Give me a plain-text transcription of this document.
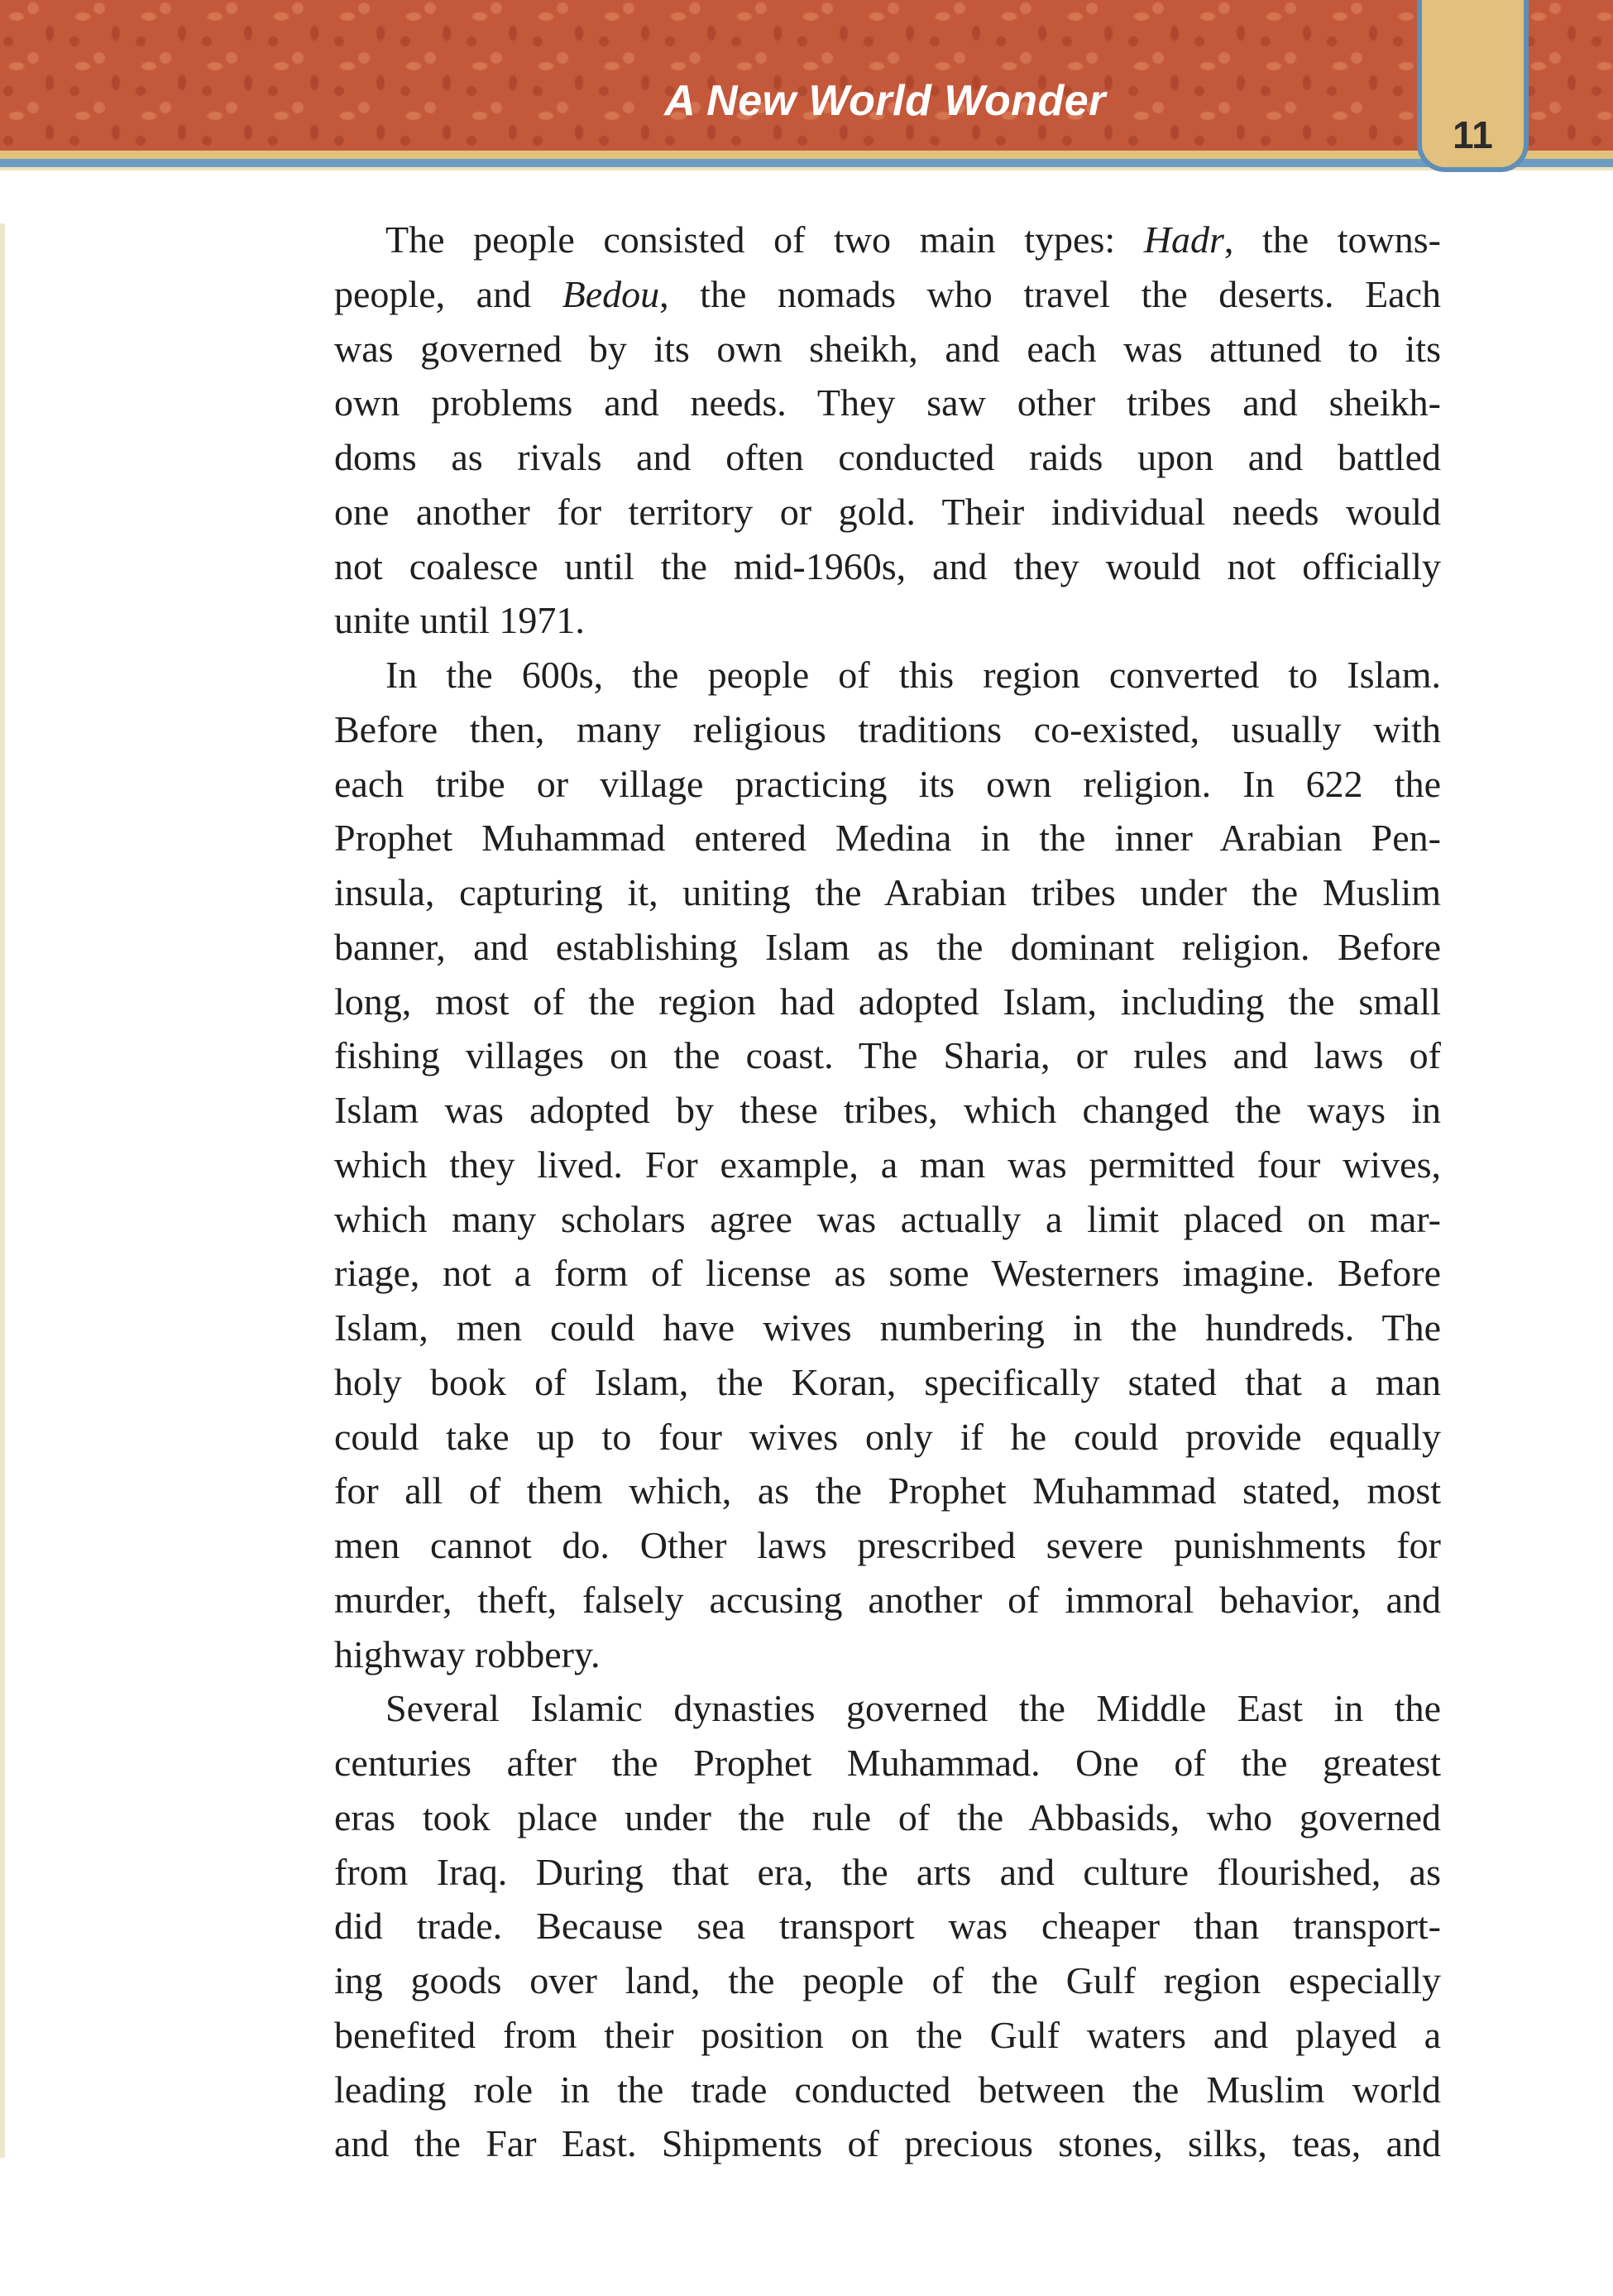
A New World Wonder
11
The people consisted of two main types: Hadr, the towns-
people, and Bedou, the nomads who travel the deserts. Each
was governed by its own sheikh, and each was attuned to its
own problems and needs. They saw other tribes and sheikh-
doms as rivals and often conducted raids upon and battled
one another for territory or gold. Their individual needs would
not coalesce until the mid-1960s, and they would not officially
unite until 1971.
In the 600s, the people of this region converted to Islam.
Before then, many religious traditions co-existed, usually with
each tribe or village practicing its own religion. In 622 the
Prophet Muhammad entered Medina in the inner Arabian Pen-
insula, capturing it, uniting the Arabian tribes under the Muslim
banner, and establishing Islam as the dominant religion. Before
long, most of the region had adopted Islam, including the small
fishing villages on the coast. The Sharia, or rules and laws of
Islam was adopted by these tribes, which changed the ways in
which they lived. For example, a man was permitted four wives,
which many scholars agree was actually a limit placed on mar-
riage, not a form of license as some Westerners imagine. Before
Islam, men could have wives numbering in the hundreds. The
holy book of Islam, the Koran, specifically stated that a man
could take up to four wives only if he could provide equally
for all of them which, as the Prophet Muhammad stated, most
men cannot do. Other laws prescribed severe punishments for
murder, theft, falsely accusing another of immoral behavior, and
highway robbery.
Several Islamic dynasties governed the Middle East in the
centuries after the Prophet Muhammad. One of the greatest
eras took place under the rule of the Abbasids, who governed
from Iraq. During that era, the arts and culture flourished, as
did trade. Because sea transport was cheaper than transport-
ing goods over land, the people of the Gulf region especially
benefited from their position on the Gulf waters and played a
leading role in the trade conducted between the Muslim world
and the Far East. Shipments of precious stones, silks, teas, and
